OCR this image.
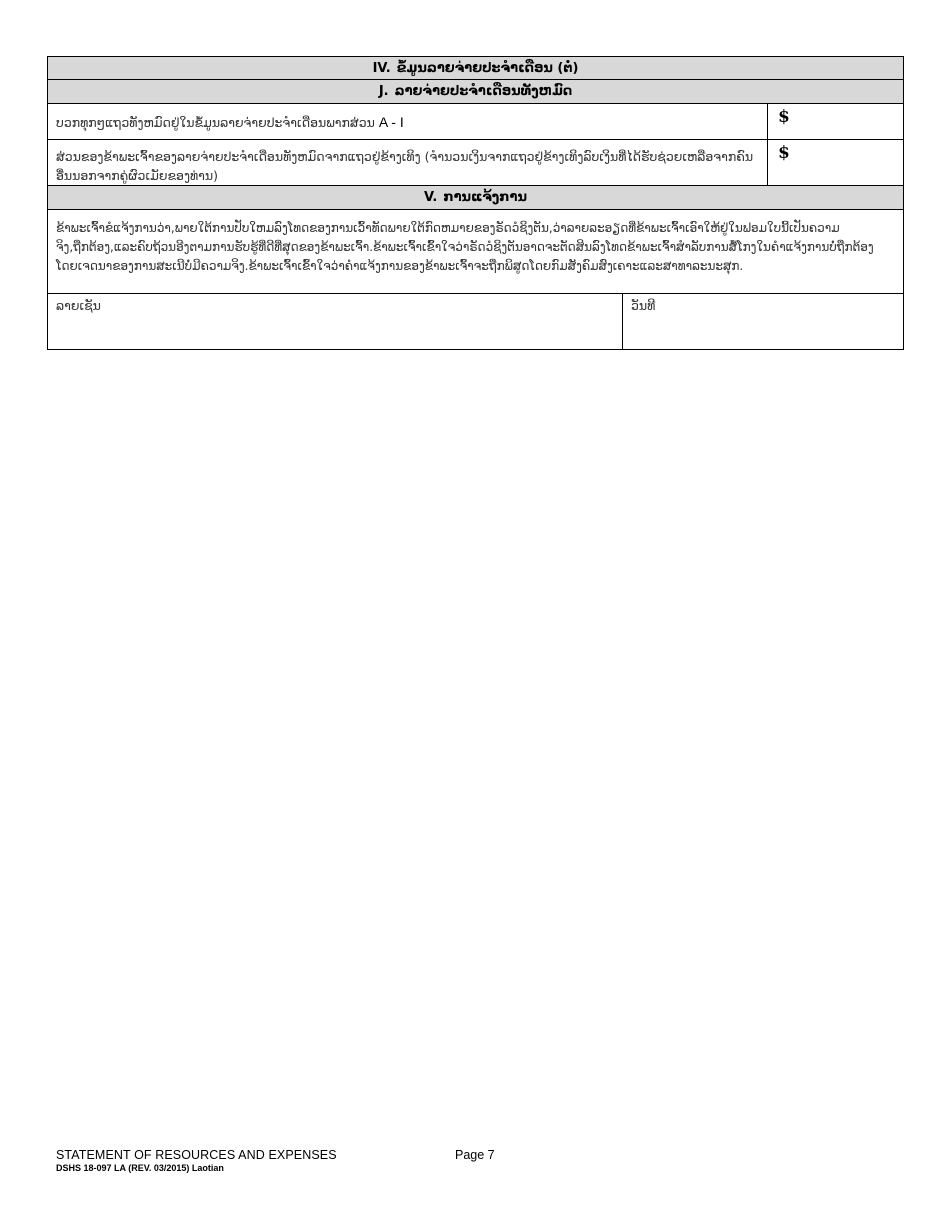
IV. ຂໍ້ມູນລາຍຈ່າຍປະຈໍາເດືອນ (ຕໍ່)
J. ລາຍຈ່າຍປະຈໍາເດືອນທັງຫມົດ
ບວກທຸກໆແຖວທັງຫມົດຢູ່ໃນຂໍ້ມູນລາຍຈ່າຍປະຈໍາເດືອນພາກສ່ວນ A - I	$
ສ່ວນຂອງຂ້າພະເຈົ້າຂອງລາຍຈ່າຍປະຈໍາເດືອນທັງຫມົດຈາກແຖວຢູ່ຂ້າງເທິງ (ຈໍານວນເງິນຈາກແຖວຢູ່ຂ້າງເທິງລົບເງິນທີ່ໄດ້ຮັບຊ່ວຍເຫລືອຈາກຄົນອື່ນນອກຈາກຄູ່ຜົວເມັຍຂອງທ່ານ)
$
V. ການແຈ້ງການ
ຂ້າພະເຈົ້າຂໍແຈ້ງການວ່າ,ພາຍໃຕ້ການປັບໃຫມລົງໂທດຂອງການເວົ້າທັດພາຍໃຕ້ກົດຫມາຍຂອງຣັດວໍຊິງຕັນ,ວ່າລາຍລະອຽດທີ່ຂ້າພະເຈົ້າເອົາໃຫ້ຢູ່ໃນຟອມໃບນີ້ເປັນຄວາມຈິງ,ຖືກຕ້ອງ,ແລະຄົບຖ້ວນອີງຕາມການຮັບຮູ້ທີ່ດີທີ່ສຸດຂອງຂ້າພະເຈົ້າ.ຂ້າພະເຈົ້າເຂົ້າໃຈວ່າຣັດວໍຊິງຕັນອາດຈະຕັດສິນລົງໂທດຂ້າພະເຈົ້າສໍາລັບການສໍ້ໂກງໃນຄໍາແຈ້ງການບໍ່ຖືກຕ້ອງໂດຍເຈດນາຂອງການສະເນີບໍ່ມີຄວາມຈິງ.ຂ້າພະເຈົ້າເຂົ້າໃຈວ່າຄໍາແຈ້ງການຂອງຂ້າພະເຈົ້າຈະຖືກພິສູດໂດຍກົມສັງຄົມສົງເຄາະແລະສາທາລະນະສຸກ.
ລາຍເຊັນ	ວັນທີ
STATEMENT OF RESOURCES AND EXPENSES
DSHS 18-097 LA (REV. 03/2015) Laotian
Page 7
